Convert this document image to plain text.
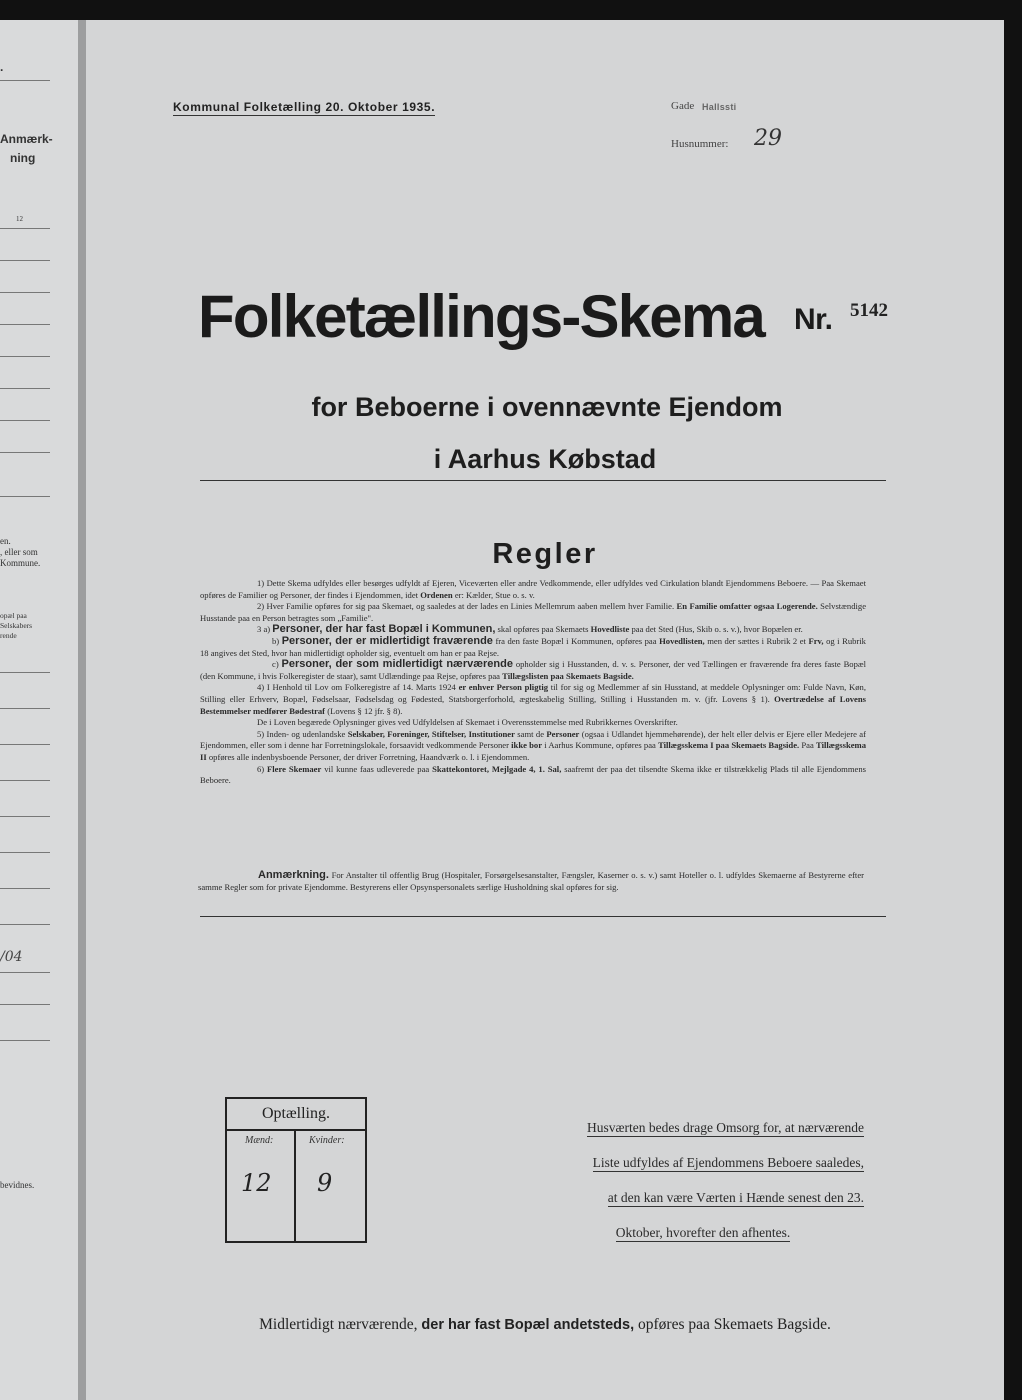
.
Anmærk-
ning
12
en.
, eller som
Kommune.
opæl paa
Selskabers
rende
/04
bevidnes.
Kommunal Folketælling 20. Oktober 1935.	Gade Hallssti
Husnummer: 29
Folketællings-Skema Nr. 5142
for Beboerne i ovennævnte Ejendom
i Aarhus Købstad
Regler

1) Dette Skema udfyldes eller besørges udfyldt af Ejeren, Viceværten eller andre Vedkommende, eller udfyldes ved Cirkulation blandt Ejendommens Beboere. — Paa Skemaet opføres de Familier og Personer, der findes i Ejendommen, idet Ordenen er: Kælder, Stue o. s. v.

2) Hver Familie opføres for sig paa Skemaet, og saaledes at der lades en Linies Mellemrum aaben mellem hver Familie. En Familie omfatter ogsaa Logerende. Selvstændige Husstande paa en Person betragtes som „Familie".

3 a) Personer, der har fast Bopæl i Kommunen, skal opføres paa Skemaets Hovedliste paa det Sted (Hus, Skib o. s. v.), hvor Bopælen er.

b) Personer, der er midlertidigt fraværende fra den faste Bopæl i Kommunen, opføres paa Hovedlisten, men der sættes i Rubrik 2 et Frv, og i Rubrik 18 angives det Sted, hvor han midlertidigt opholder sig, eventuelt om han er paa Rejse.

c) Personer, der som midlertidigt nærværende opholder sig i Husstanden, d. v. s. Personer, der ved Tællingen er fraværende fra deres faste Bopæl (den Kommune, i hvis Folkeregister de staar), samt Udlændinge paa Rejse, opføres paa Tillægslisten paa Skemaets Bagside.

4) I Henhold til Lov om Folkeregistre af 14. Marts 1924 er enhver Person pligtig til for sig og Medlemmer af sin Husstand, at meddele Oplysninger om: Fulde Navn, Køn, Stilling eller Erhverv, Bopæl, Fødselsaar, Fødselsdag og Fødested, Statsborgerforhold, ægteskabelig Stilling, Stilling i Husstanden m. v. (jfr. Lovens § 1). Overtrædelse af Lovens Bestemmelser medfører Bødestraf (Lovens § 12 jfr. § 8).

De i Loven begærede Oplysninger gives ved Udfyldelsen af Skemaet i Overensstemmelse med Rubrikkernes Overskrifter.

5) Inden- og udenlandske Selskaber, Foreninger, Stiftelser, Institutioner samt de Personer (ogsaa i Udlandet hjemmehørende), der helt eller delvis er Ejere eller Medejere af Ejendommen, eller som i denne har Forretningslokale, forsaavidt vedkommende Personer ikke bor i Aarhus Kommune, opføres paa Tillægsskema I paa Skemaets Bagside. Paa Tillægsskema II opføres alle indenbysboende Personer, der driver Forretning, Haandværk o. l. i Ejendommen.

6) Flere Skemaer vil kunne faas udleverede paa Skattekontoret, Mejlgade 4, 1. Sal, saafremt der paa det tilsendte Skema ikke er tilstrækkelig Plads til alle Ejendommens Beboere.

Anmærkning. For Anstalter til offentlig Brug (Hospitaler, Forsørgelsesanstalter, Fængsler, Kaserner o. s. v.) samt Hoteller o. l. udfyldes Skemaerne af Bestyrerne efter samme Regler som for private Ejendomme. Bestyrerens eller Opsynspersonalets særlige Husholdning skal opføres for sig.

Optælling.
Mænd:	Kvinder:
12 9
Husværten bedes drage Omsorg for, at nærværende
Liste udfyldes af Ejendommens Beboere saaledes,
at den kan være Værten i Hænde senest den 23.
Oktober, hvorefter den afhentes.
Midlertidigt nærværende, der har fast Bopæl andetsteds, opføres paa Skemaets Bagside.
